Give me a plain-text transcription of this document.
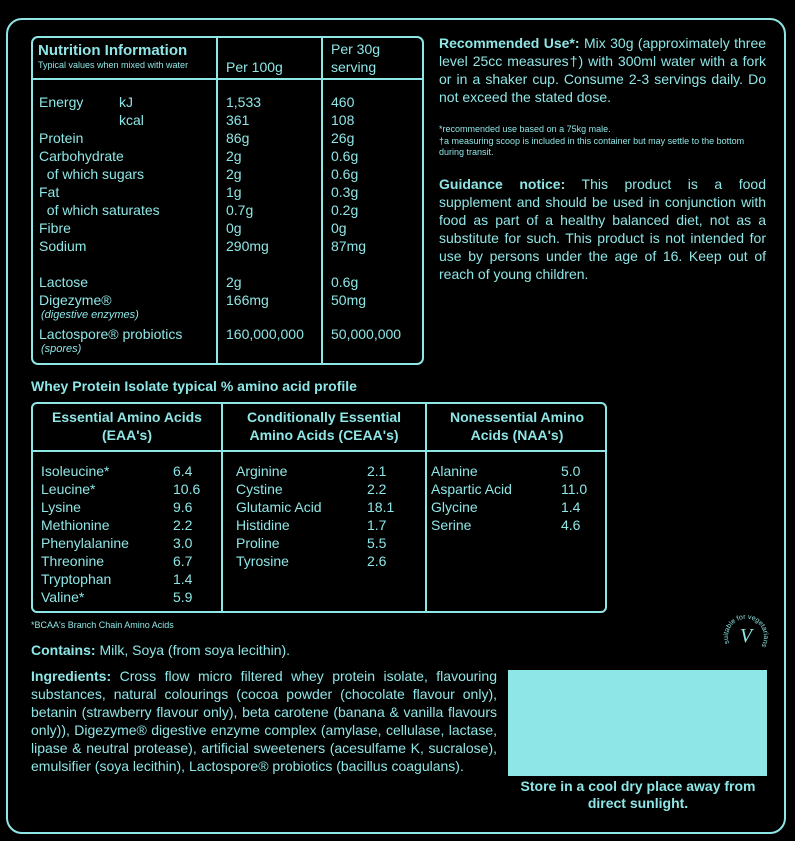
Nutrition Information
Typical values when mixed with water	Per 100g
Per 30g
serving
Energy	kJ	1,533	460
kcal	361	108
Protein	86g	26g
Carbohydrate	2g	0.6g
of which sugars	2g	0.6g
Fat	1g	0.3g
of which saturates	0.7g	0.2g
Fibre	0g	0g
Sodium	290mg	87mg
Lactose	2g	0.6g
Digezyme®	166mg	50mg
(digestive enzymes)
Lactospore® probiotics	160,000,000 50,000,000
(spores)
Recommended Use*: Mix 30g (approximately three level 25cc measures†) with 300ml water with a fork or in a shaker cup. Consume 2-3 servings daily. Do not exceed the stated dose.
*recommended use based on a 75kg male.
†a measuring scoop is included in this container but may settle to the bottom during transit.
Guidance notice: This product is a food supplement and should be used in conjunction with food as part of a healthy balanced diet, not as a substitute for such. This product is not intended for use by persons under the age of 16. Keep out of reach of young children.
Whey Protein Isolate typical % amino acid profile
Essential Amino Acids
(EAA's)
Conditionally Essential
Amino Acids (CEAA's)
Nonessential Amino
Acids (NAA's)
Isoleucine*	6.4
Leucine*	10.6
Lysine	9.6
Methionine	2.2
Phenylalanine	3.0
Threonine	6.7
Tryptophan	1.4
Valine*	5.9
Arginine	2.1
Cystine	2.2
Glutamic Acid	18.1
Histidine	1.7
Proline	5.5
Tyrosine	2.6
Alanine	5.0
Aspartic Acid	11.0
Glycine	1.4
Serine	4.6
*BCAA's Branch Chain Amino Acids
suitable for vegetarians
V
Contains: Milk, Soya (from soya lecithin).
Ingredients: Cross flow micro filtered whey protein isolate, flavouring substances, natural colourings (cocoa powder (chocolate flavour only), betanin (strawberry flavour only), beta carotene (banana & vanilla flavours only)), Digezyme® digestive enzyme complex (amylase, cellulase, lactase, lipase & neutral protease), artificial sweeteners (acesulfame K, sucralose), emulsifier (soya lecithin), Lactospore® probiotics (bacillus coagulans).
Store in a cool dry place away from
direct sunlight.
